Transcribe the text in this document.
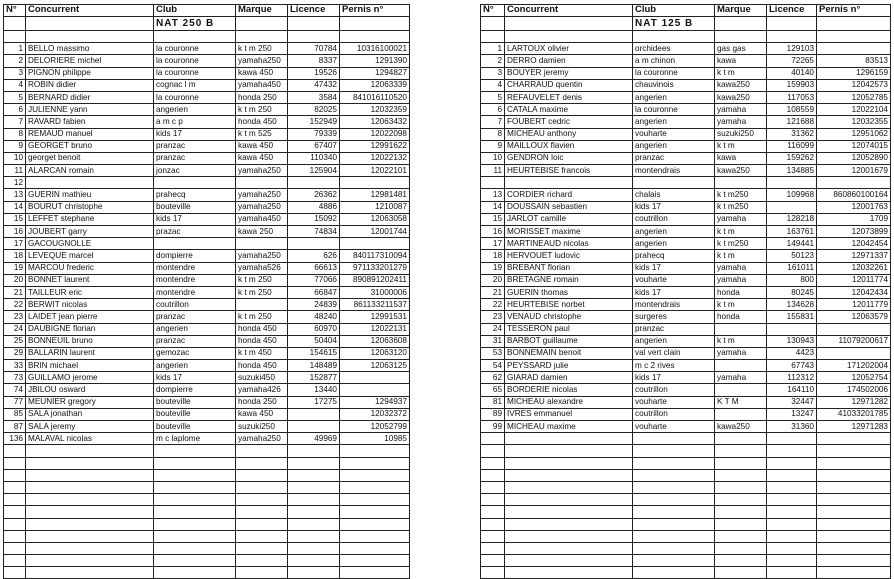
N°	Concurrent	Club	Marque	Licence	Pernis n°
		NAT 250 B			

1	BELLO massimo	la couronne	k t m 250	70784	10316100021
2	DELORIERE michel	la couronne	yamaha250	8337	1291390
3	PIGNON philippe	la couronne	kawa 450	19526	1294827
4	ROBIN didier	cognac l m	yamaha450	47432	12063339
5	BERNARD didier	la couronne	honda 250	3584	841016110520
6	JULIENNE yann	angerien	k t m 250	82025	12032359
7	RAVARD fabien	a m c p	honda 450	152949	12063432
8	REMAUD manuel	kids 17	k t m 525	79339	12022098
9	GEORGET bruno	pranzac	kawa 450	67407	12991622
10	georget benoit	pranzac	kawa 450	110340	12022132
11	ALARCAN romain	jonzac	yamaha250	125904	12022101
12					
13	GUERIN mathieu	prahecq	yamaha250	26362	12981481
14	BOURUT christophe	bouteville	yamaha250	4886	1210087
15	LEFFET stephane	kids 17	yamaha450	15092	12063058
16	JOUBERT garry	prazac	kawa 250	74834	12001744
17	GACOUGNOLLE				
18	LEVEQUE marcel	dompierre	yamaha250	626	840117310094
19	MARCOU frederic	montendre	yamaha526	66613	971133201279
20	BONNET laurent	montendre	k t m 250	77066	890891202411
21	TAILLEUR eric	montendre	k t m 250	66847	31000006
22	BERWIT nicolas	coutrillon		24839	861133211537
23	LAIDET jean pierre	pranzac	k t m 250	48240	12991531
24	DAUBIGNE florian	angerien	honda 450	60970	12022131
25	BONNEUIL bruno	pranzac	honda 450	50404	12063608
29	BALLARIN laurent	gemozac	k t m 450	154615	12063120
33	BRIN michael	angerien	honda 450	148489	12063125
73	GUILLAMO jerome	kids 17	suzuki450	152877	
74	JBILOU osward	dompierre	yamaha426	13440	
77	MEUNIER gregory	bouteville	honda 250	17275	1294937
85	SALA jonathan	bouteville	kawa 450		12032372
87	SALA jeremy	bouteville	suzuki250		12052799
136	MALAVAL nicolas	m c laplome	yamaha250	49969	10985

N°	Concurrent	Club	Marque	Licence	Pernis n°
		NAT 125 B			

1	LARTOUX olivier	orchidees	gas gas	129103	
2	DERRO damien	a m chinon	kawa	72265	83513
3	BOUYER jeremy	la couronne	k t m	40140	1296159
4	CHARRAUD quentin	chauvinois	kawa250	159903	12042573
5	REFAUVELET denis	angerien	kawa250	117053	12052785
6	CATALA maxime	la couronne	yamaha	108559	12022104
7	FOUBERT cedric	angerien	yamaha	121688	12032355
8	MICHEAU anthony	vouharte	suzuki250	31362	12951062
9	MAILLOUX flavien	angerien	k t m	116099	12074015
10	GENDRON loic	pranzac	kawa	159262	12052890
11	HEURTEBISE francois	montendrais	kawa250	134885	12001679

13	CORDIER richard	chalais	k t m250	109968	860860100164
14	DOUSSAIN sebastien	kids 17	k t m250		12001763
15	JARLOT camille	coutrillon	yamaha	128218	1709
16	MORISSET maxime	angerien	k t m	163761	12073899
17	MARTINEAUD nicolas	angerien	k t m250	149441	12042454
18	HERVOUET ludovic	prahecq	k t m	50123	12971337
19	BREBANT florian	kids 17	yamaha	161011	12032261
20	BRETAGNE romain	vouharte	yamaha	800	12011774
21	GUERIN thomas	kids 17	honda	80245	12042434
22	HEURTEBISE norbet	montendrais	k t m	134628	12011779
23	VENAUD christophe	surgeres	honda	155831	12063579
24	TESSERON paul	pranzac			
31	BARBOT guillaume	angerien	k t m	130943	11079200617
53	BONNEMAIN benoit	val vert clain	yamaha	4423	
54	PEYSSARD julie	m c 2 rives		67743	171202004
62	GIARAD damien	kids 17	yamaha	112312	12052754
65	BORDERIE nicolas	coutrillon		164110	174502006
81	MICHEAU alexandre	vouharte	K T M	32447	12971282
89	IVRES emmanuel	coutrillon		13247	41033201785
99	MICHEAU maxime	vouharte	kawa250	31360	12971283
